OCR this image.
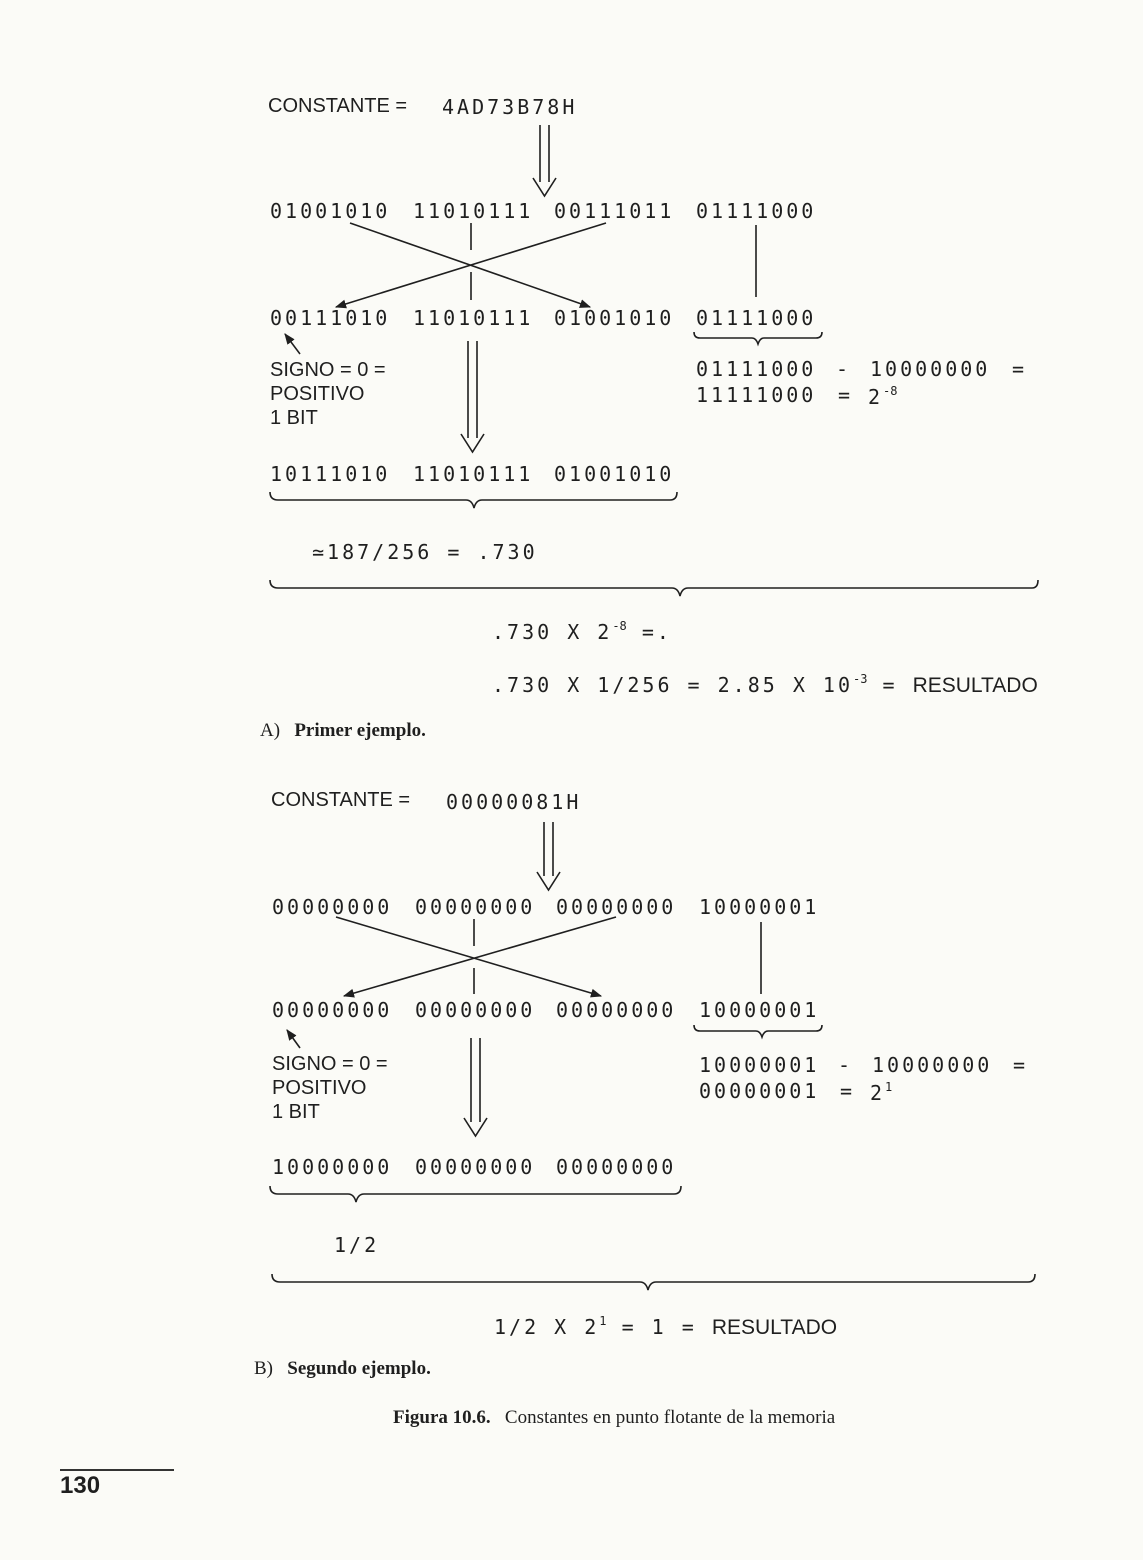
CONSTANTE = 4AD73B78H
01001010 11010111 00111011 01111000
00111010 11010111 01001010 01111000
SIGNO = 0 =
POSITIVO
1 BIT
01111000 - 10000000 =
$11111000 = 2^{-8}$
10111010 11010111 01001010
≃187/256 = .730
.730 X $2^{-8}$ =.
.730 X 1/256 = 2.85 X $10^{-3}$ = RESULTADO
A) Primer ejemplo.
CONSTANTE = 00000081H
00000000 00000000 00000000 10000001
00000000 00000000 00000000 10000001
SIGNO = 0 =
POSITIVO
1 BIT
10000001 - 10000000 =
$00000001 = 2^1$
10000000 00000000 00000000
1/2
1/2 X $2^1 = 1$ = RESULTADO
B) Segundo ejemplo.
Figura 10.6. Constantes en punto flotante de la memoria
130
